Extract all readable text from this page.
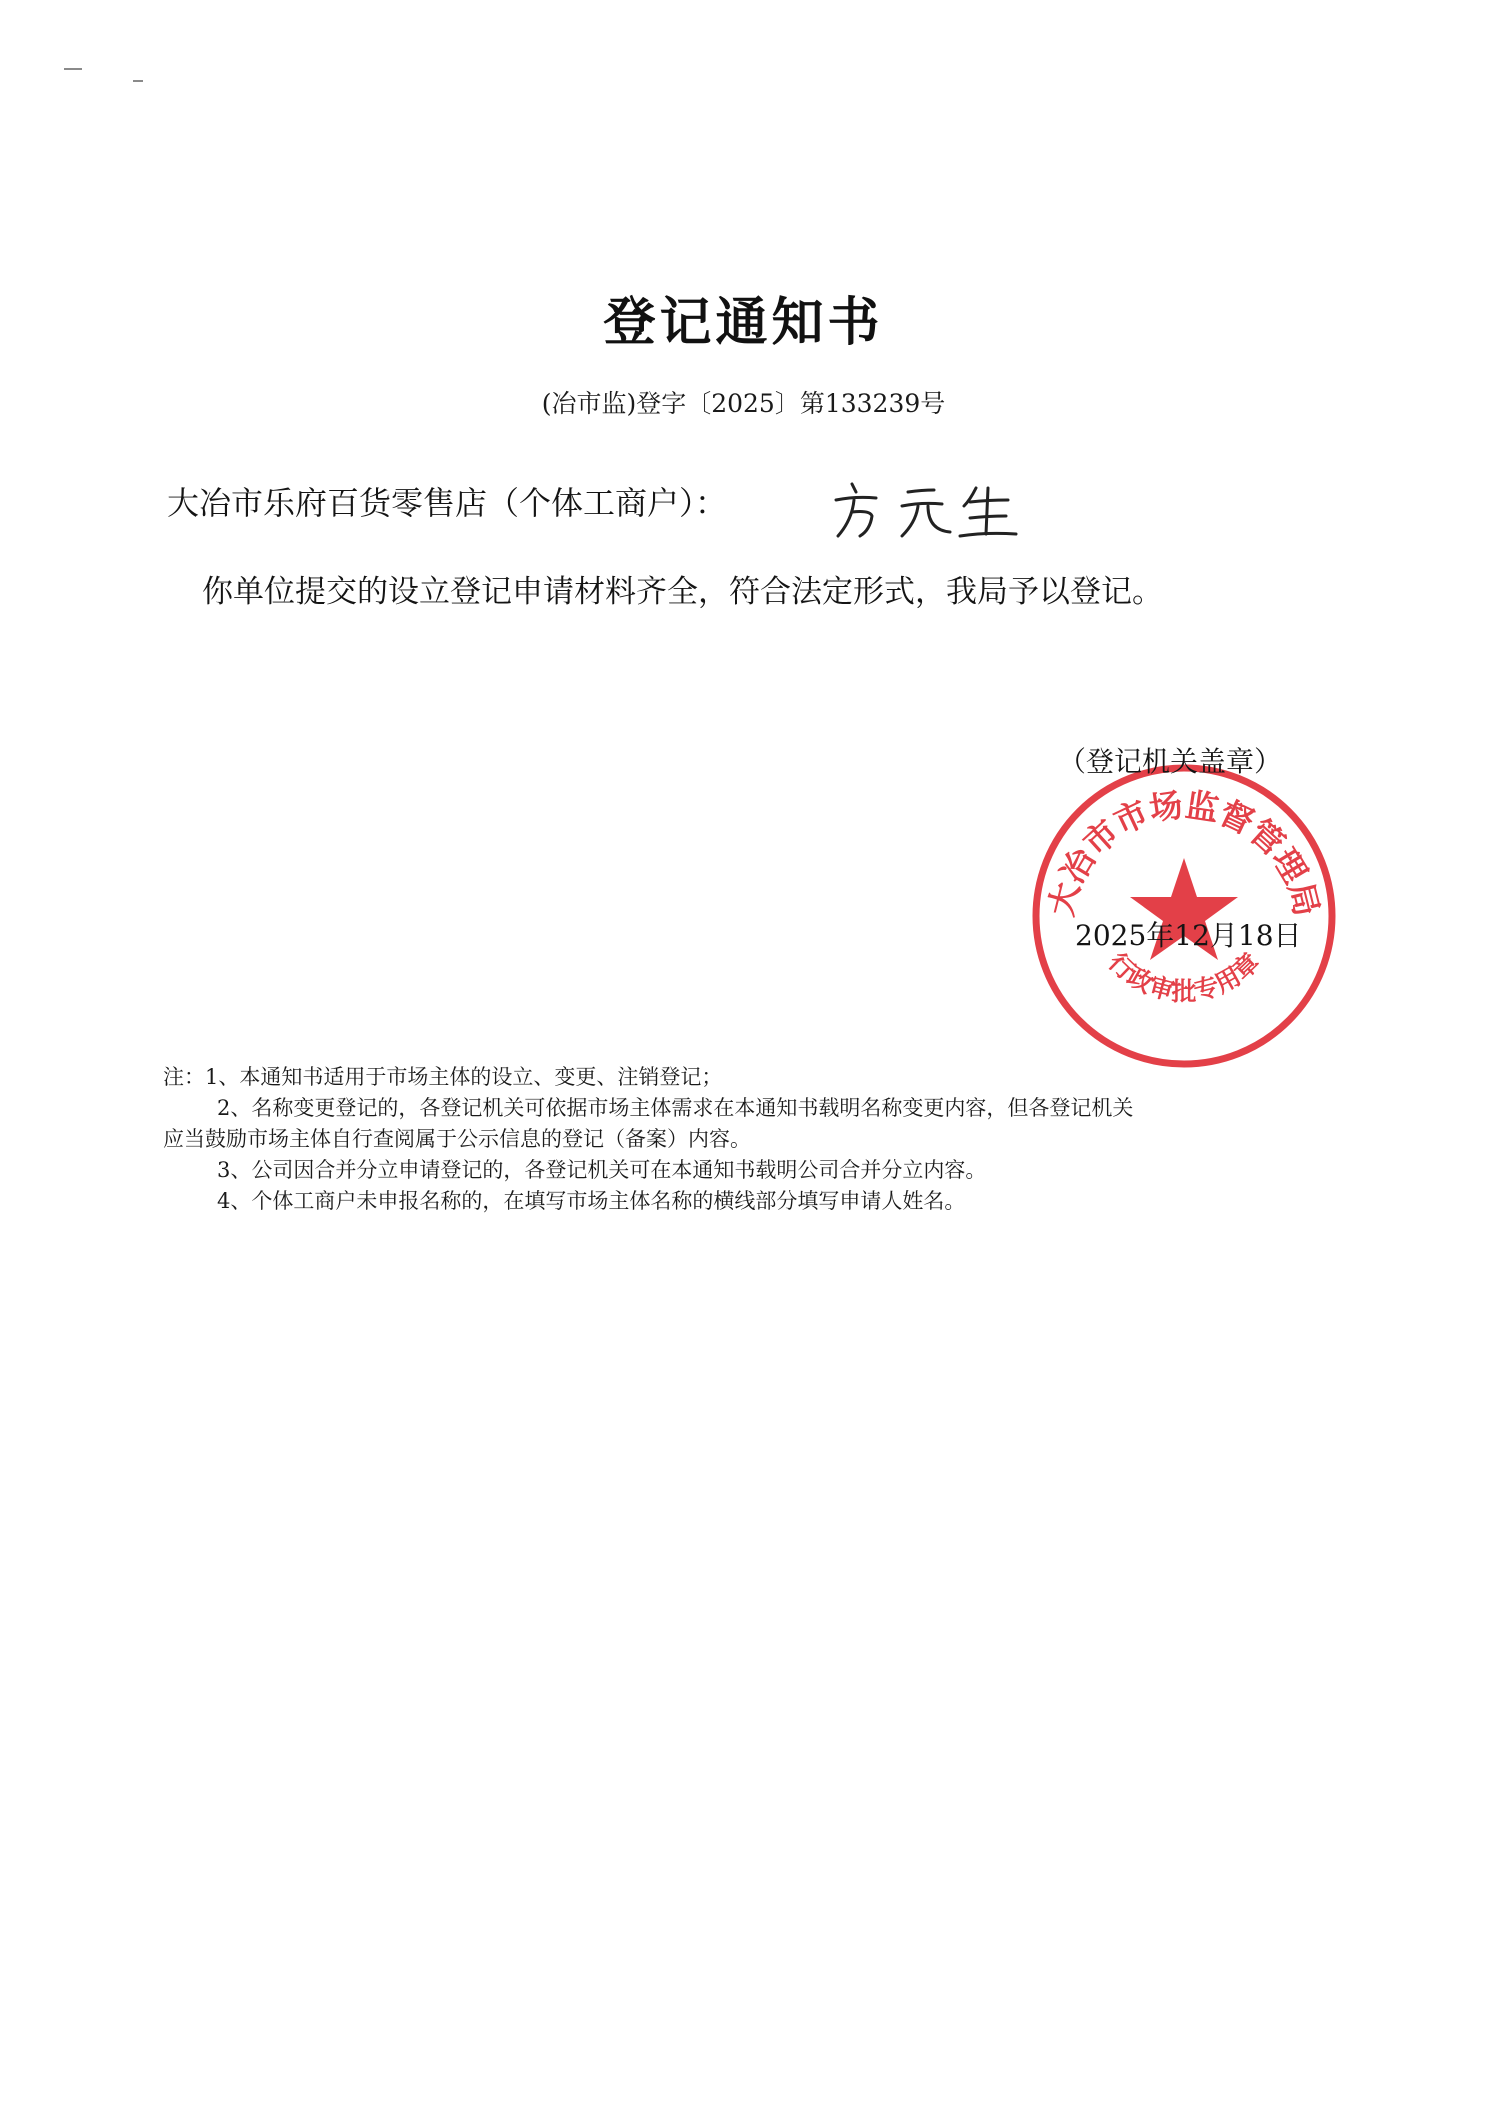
登记通知书
(冶市监)登字〔2025〕第133239号
大冶市乐府百货零售店（个体工商户）：
你单位提交的设立登记申请材料齐全，符合法定形式，我局予以登记。
大冶市市场监督管理局
行政审批专用章
（登记机关盖章）
2025年12月18日
注：1、本通知书适用于市场主体的设立、变更、注销登记；
2、名称变更登记的，各登记机关可依据市场主体需求在本通知书载明名称变更内容，但各登记机关
应当鼓励市场主体自行查阅属于公示信息的登记（备案）内容。
3、公司因合并分立申请登记的，各登记机关可在本通知书载明公司合并分立内容。
4、个体工商户未申报名称的，在填写市场主体名称的横线部分填写申请人姓名。
